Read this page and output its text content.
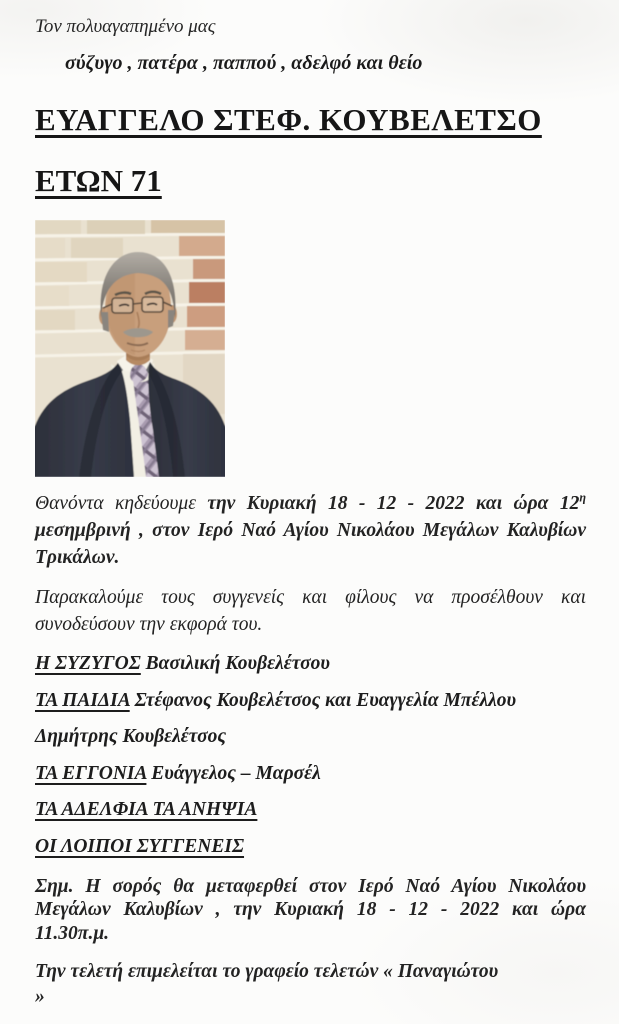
Τον πολυαγαπημένο μας

σύζυγο , πατέρα , παππού , αδελφό και θείο

ΕΥΑΓΓΕΛΟ ΣΤΕΦ. ΚΟΥΒΕΛΕΤΣΟ
ΕΤΩΝ 71

Θανόντα κηδεύουμε την Κυριακή 18 - 12 - 2022 και ώρα $12^\eta$ μεσημβρινή , στον Ιερό Ναό Αγίου Νικολάου Μεγάλων Καλυβίων Τρικάλων.

Παρακαλούμε τους συγγενείς και φίλους να προσέλθουν και συνοδεύσουν την εκφορά του.

Η ΣΥΖΥΓΟΣ Βασιλική Κουβελέτσου

ΤΑ ΠΑΙΔΙΑ Στέφανος Κουβελέτσος και Ευαγγελία Μπέλλου

Δημήτρης Κουβελέτσος

ΤΑ ΕΓΓΟΝΙΑ Ευάγγελος – Μαρσέλ

ΤΑ ΑΔΕΛΦΙΑ ΤΑ ΑΝΗΨΙΑ

ΟΙ ΛΟΙΠΟΙ ΣΥΓΓΕΝΕΙΣ

Σημ. Η σορός θα μεταφερθεί στον Ιερό Ναό Αγίου Νικολάου Μεγάλων Καλυβίων , την Κυριακή 18 - 12 - 2022 και ώρα 11.30π.μ.

Την τελετή επιμελείται το γραφείο τελετών « Παναγιώτου
»
